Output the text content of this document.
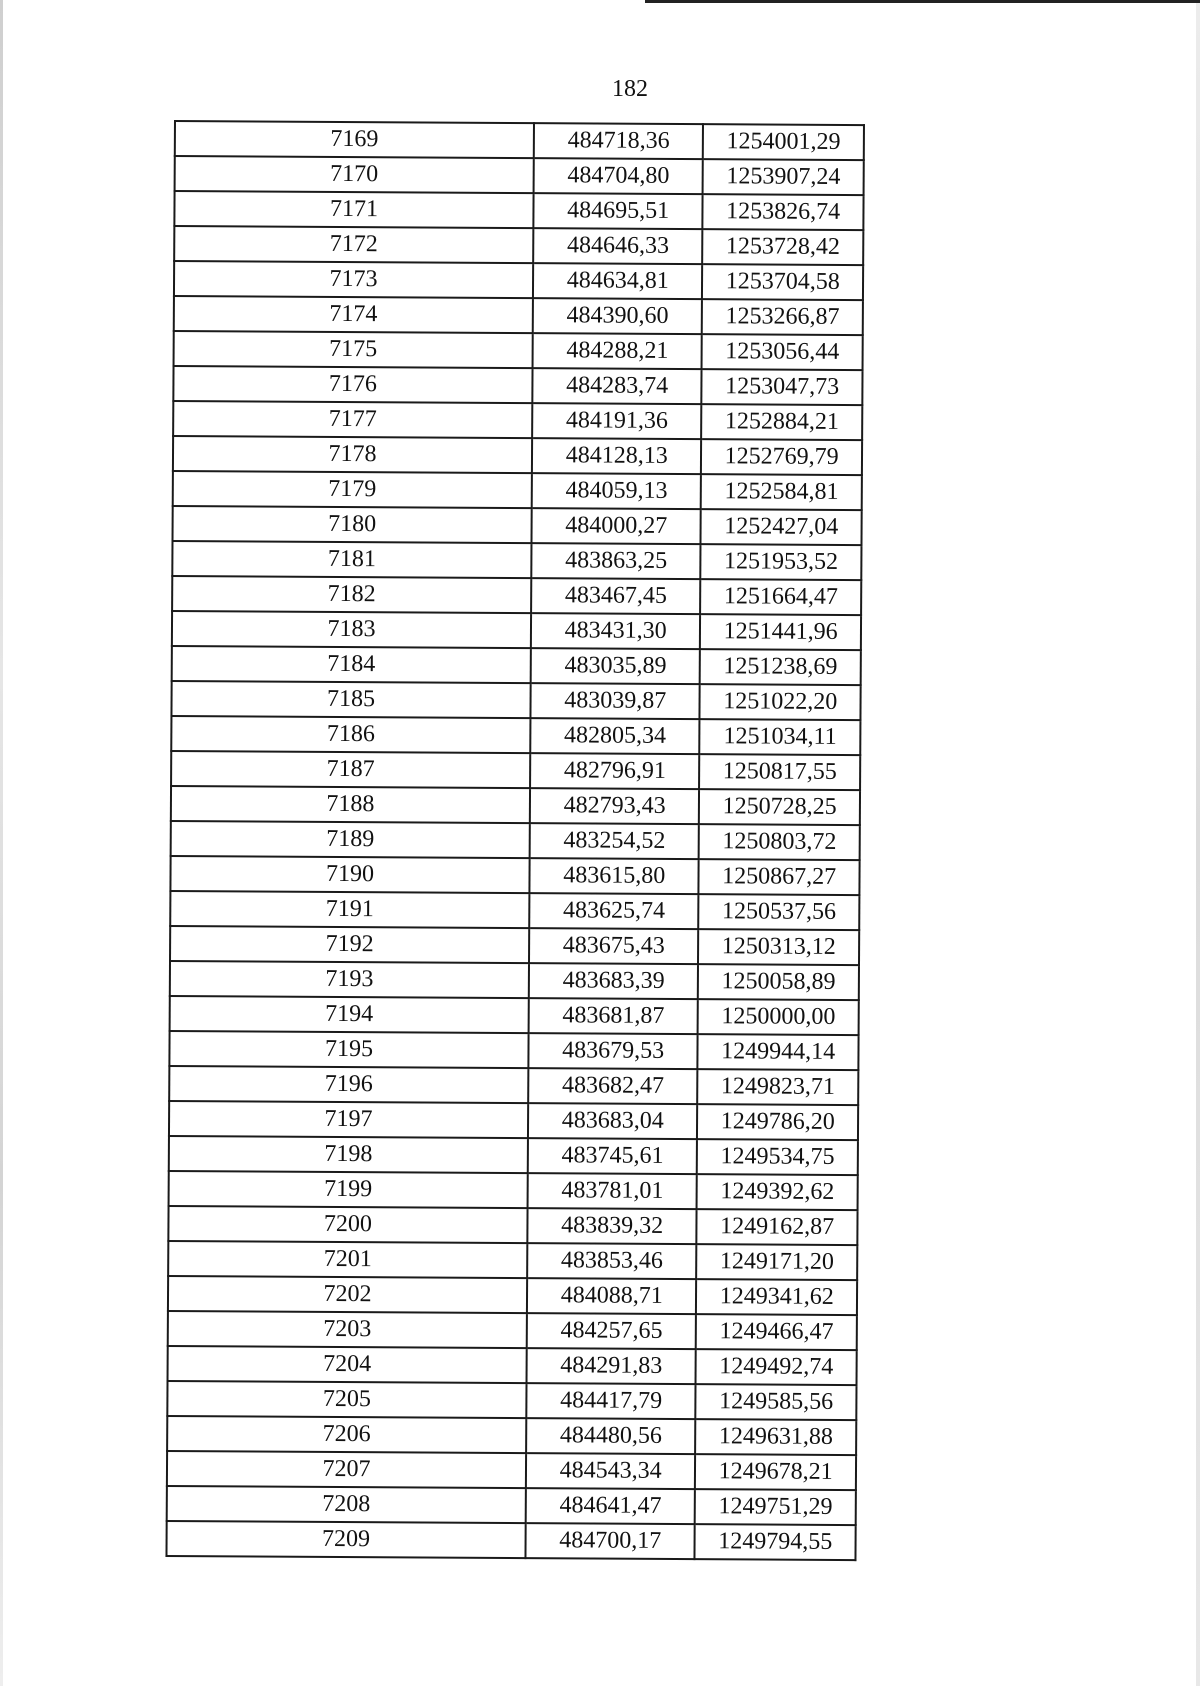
182
7169	484718,36	1254001,29
7170	484704,80	1253907,24
7171	484695,51	1253826,74
7172	484646,33	1253728,42
7173	484634,81	1253704,58
7174	484390,60	1253266,87
7175	484288,21	1253056,44
7176	484283,74	1253047,73
7177	484191,36	1252884,21
7178	484128,13	1252769,79
7179	484059,13	1252584,81
7180	484000,27	1252427,04
7181	483863,25	1251953,52
7182	483467,45	1251664,47
7183	483431,30	1251441,96
7184	483035,89	1251238,69
7185	483039,87	1251022,20
7186	482805,34	1251034,11
7187	482796,91	1250817,55
7188	482793,43	1250728,25
7189	483254,52	1250803,72
7190	483615,80	1250867,27
7191	483625,74	1250537,56
7192	483675,43	1250313,12
7193	483683,39	1250058,89
7194	483681,87	1250000,00
7195	483679,53	1249944,14
7196	483682,47	1249823,71
7197	483683,04	1249786,20
7198	483745,61	1249534,75
7199	483781,01	1249392,62
7200	483839,32	1249162,87
7201	483853,46	1249171,20
7202	484088,71	1249341,62
7203	484257,65	1249466,47
7204	484291,83	1249492,74
7205	484417,79	1249585,56
7206	484480,56	1249631,88
7207	484543,34	1249678,21
7208	484641,47	1249751,29
7209	484700,17	1249794,55
